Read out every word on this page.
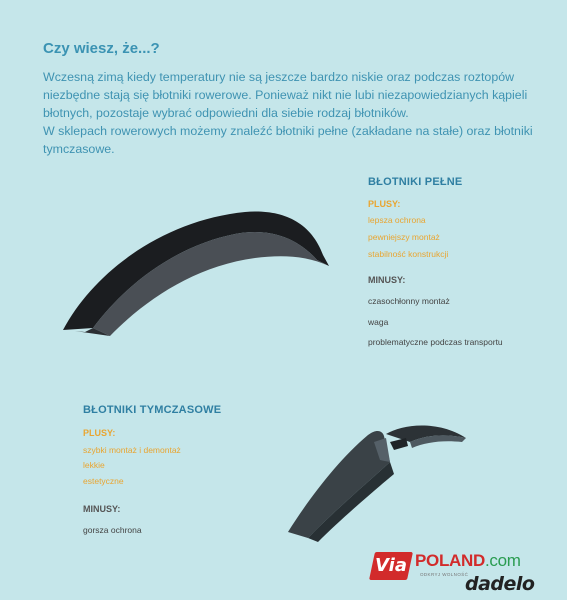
Czy wiesz, że...?

Wczesną zimą kiedy temperatury nie są jeszcze bardzo niskie oraz podczas roztopów niezbędne stają się błotniki rowerowe. Ponieważ nikt nie lubi niezapowiedzianych kąpieli błotnych, pozostaje wybrać odpowiedni dla siebie rodzaj błotników.

W sklepach rowerowych możemy znaleźć błotniki pełne (zakładane na stałe) oraz błotniki tymczasowe.

BŁOTNIKI PEŁNE
PLUSY:
lepsza ochrona
pewniejszy montaż
stabilność konstrukcji
MINUSY:
czasochłonny montaż
waga
problematyczne podczas transportu
BŁOTNIKI TYMCZASOWE
PLUSY:
szybki montaż i demontaż
lekkie
estetyczne
MINUSY:
gorsza ochrona
Via POLAND.com
ODKRYJ WOLNOŚĆ
dadelo
